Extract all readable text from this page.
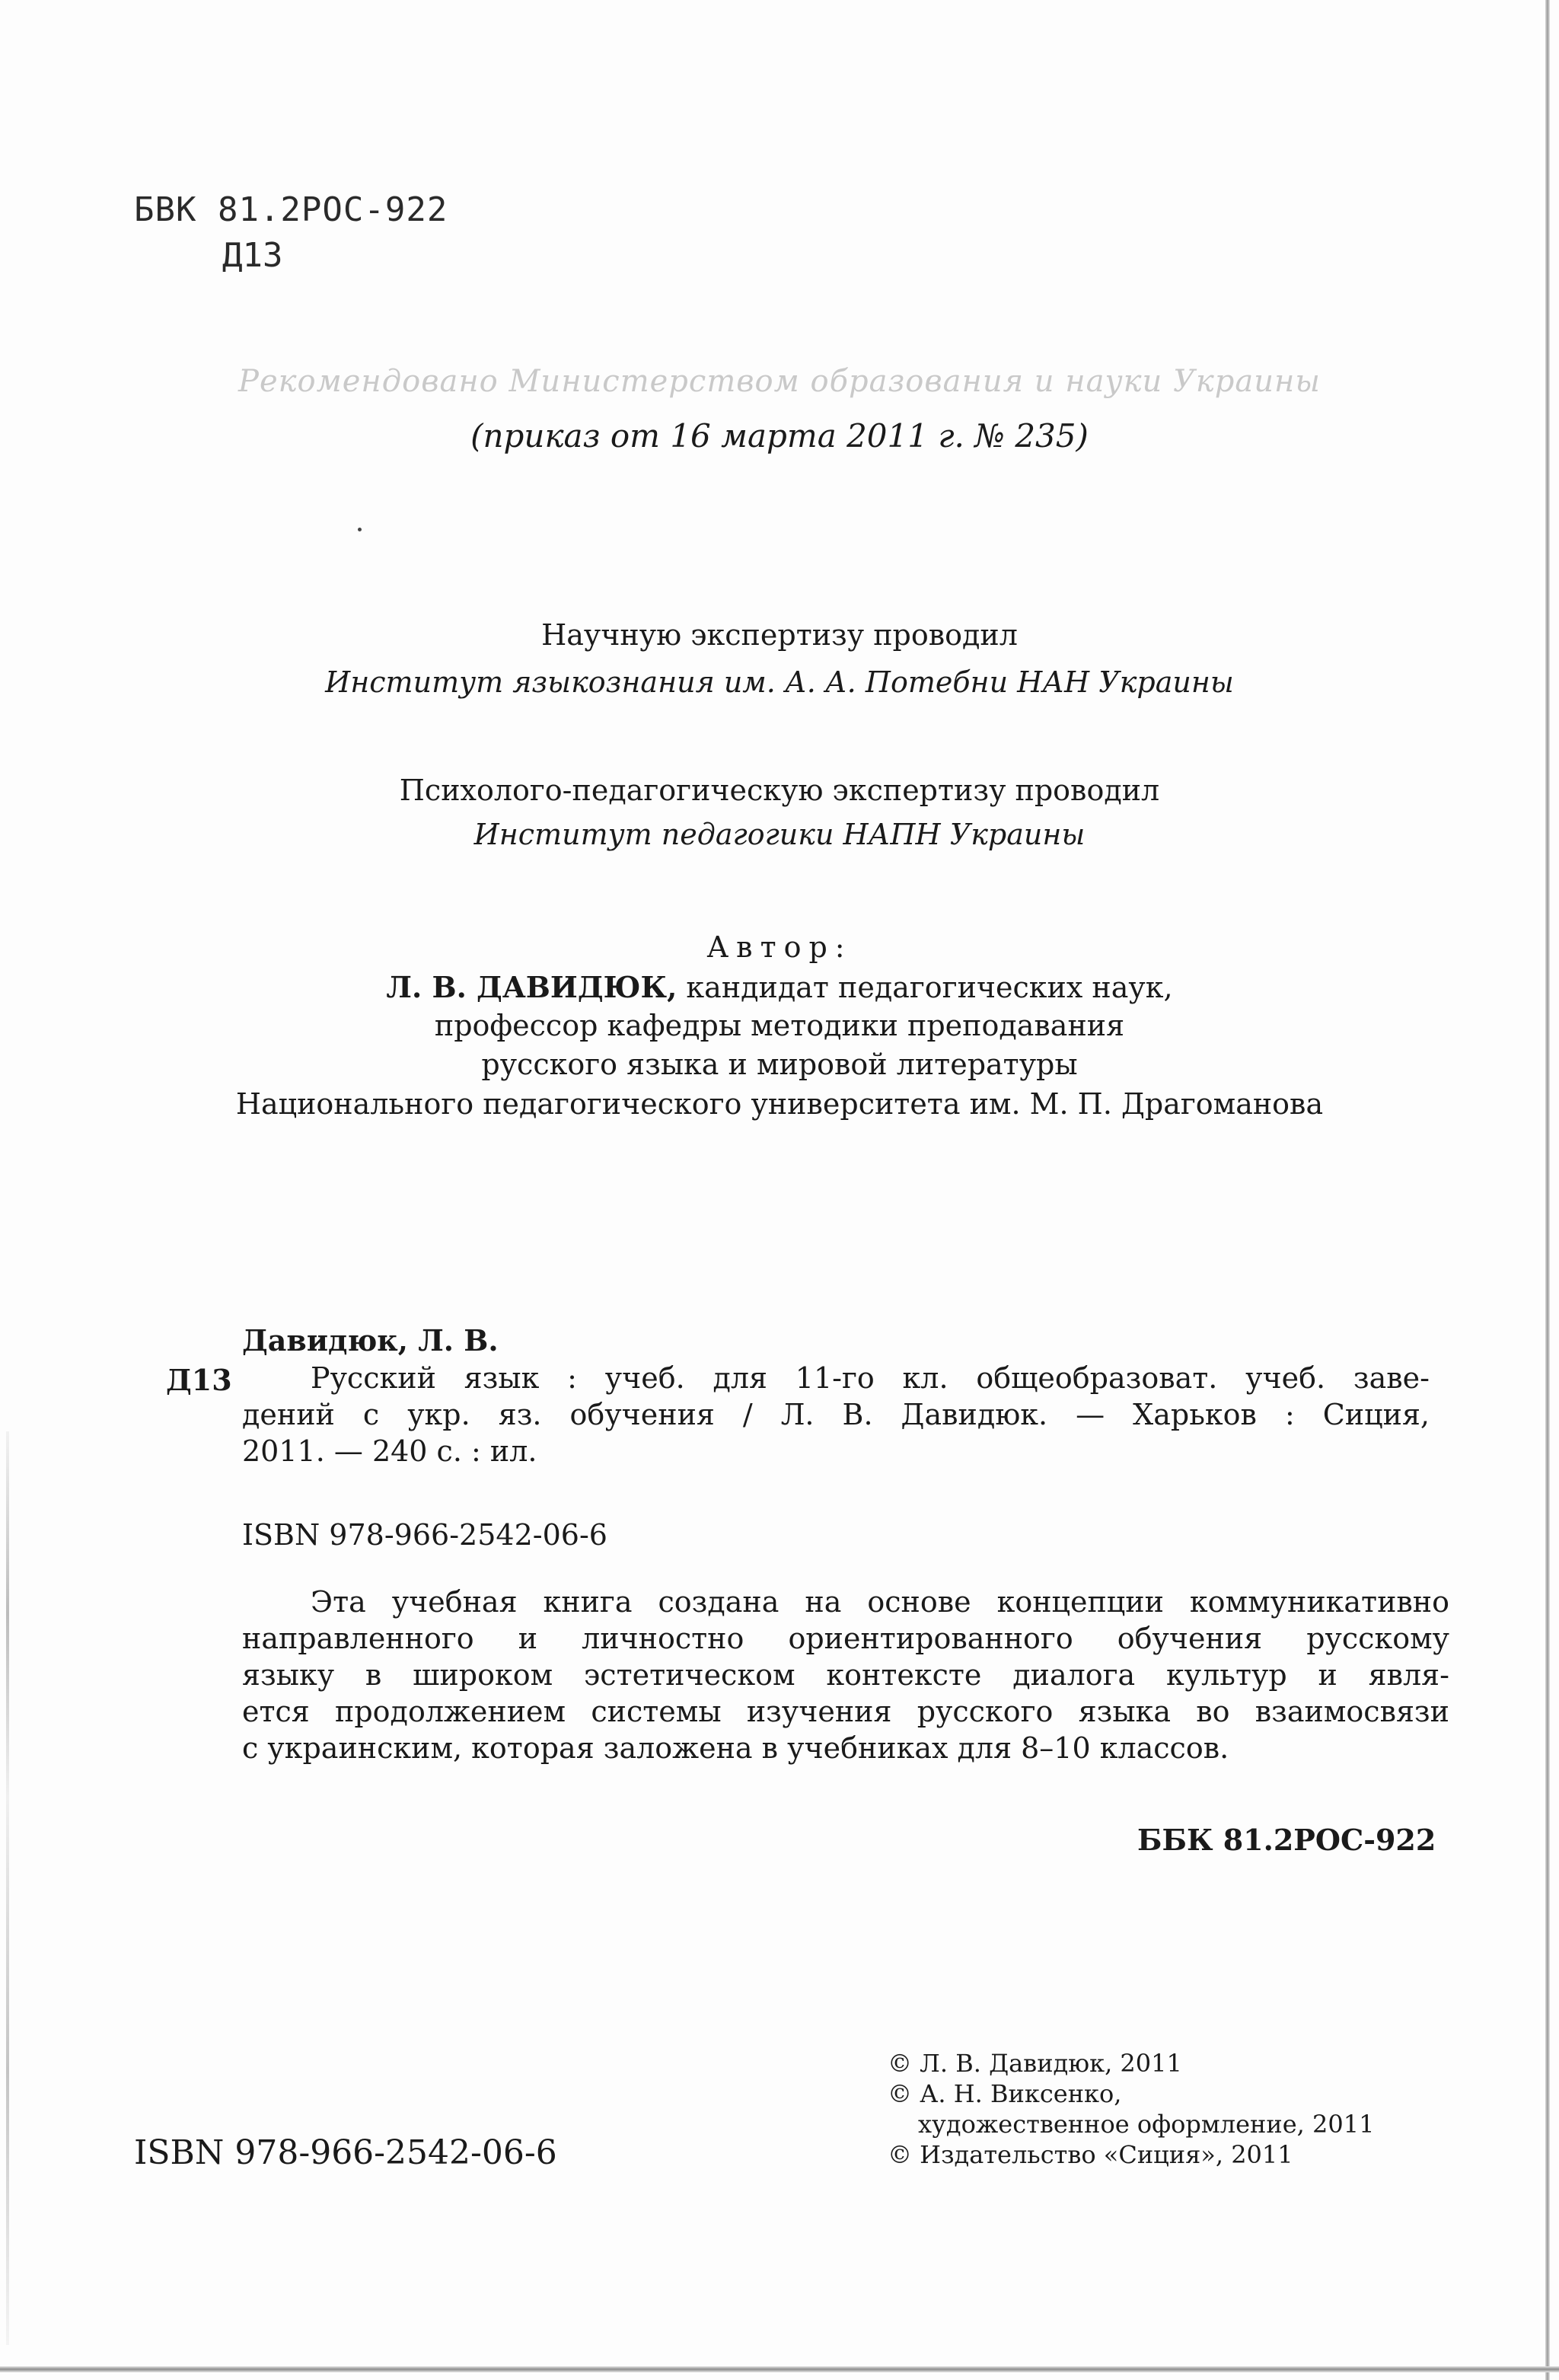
БВК 81.2РОС-922
Д13
Рекомендовано Министерством образования и науки Украины
(приказ от 16 марта 2011 г. № 235)
Научную экспертизу проводил
Институт языкознания им. А. А. Потебни НАН Украины
Психолого-педагогическую экспертизу проводил
Институт педагогики НАПН Украины
Автор:
Л. В. ДАВИДЮК, кандидат педагогических наук,
профессор кафедры методики преподавания
русского языка и мировой литературы
Национального педагогического университета им. М. П. Драгоманова
Давидюк, Л. В.
Д13	Русский язык : учеб. для 11-го кл. общеобразоват. учеб. заве-
дений с укр. яз. обучения / Л. В. Давидюк. — Харьков : Сиция,
2011. — 240 с. : ил.
ISBN 978-966-2542-06-6
Эта учебная книга создана на основе концепции коммуникативно
направленного и личностно ориентированного обучения русскому
языку в широком эстетическом контексте диалога культур и явля-
ется продолжением системы изучения русского языка во взаимосвязи
с украинским, которая заложена в учебниках для 8–10 классов.
ББК 81.2РОС-922
ISBN 978-966-2542-06-6
© Л. В. Давидюк, 2011
© А. Н. Виксенко,
художественное оформление, 2011
© Издательство «Сиция», 2011
